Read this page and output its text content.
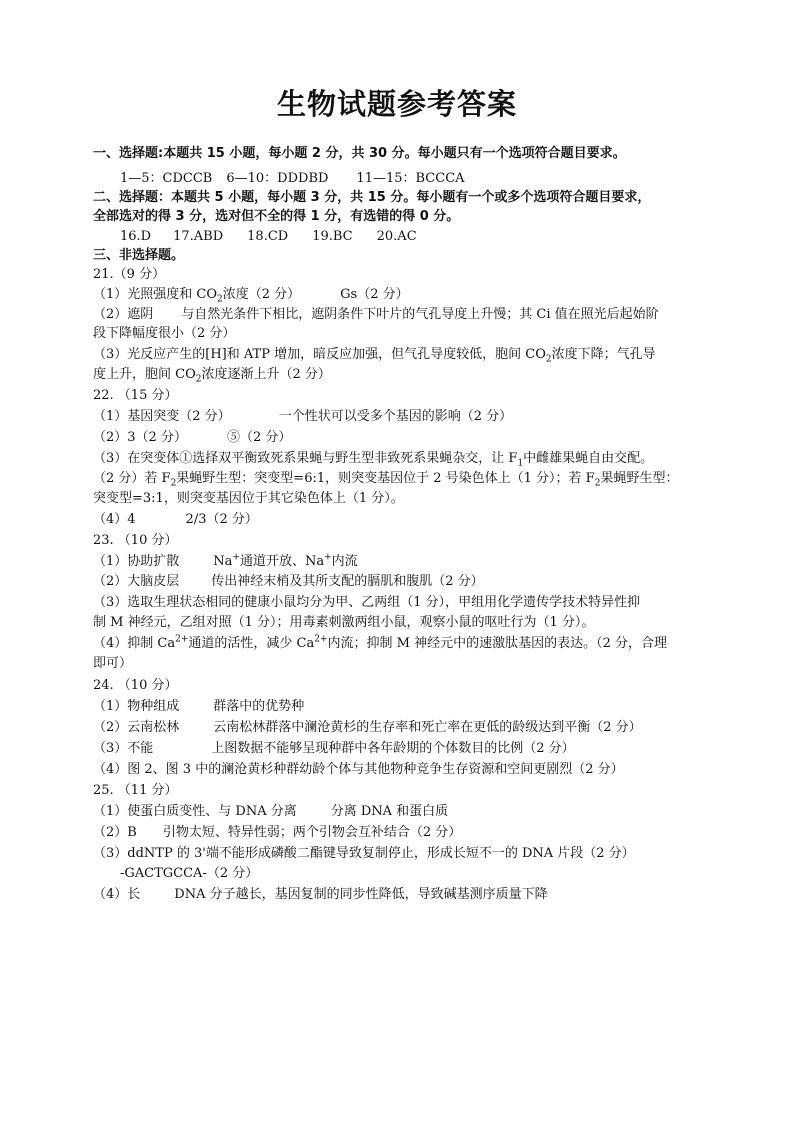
生物试题参考答案
一、选择题:本题共 15 小题，每小题 2 分，共 30 分。每小题只有一个选项符合题目要求。
1—5：CDCCB 6—10：DDDBD 11—15：BCCCA
二、选择题：本题共 5 小题，每小题 3 分，共 15 分。每小题有一个或多个选项符合题目要求，
全部选对的得 3 分，选对但不全的得 1 分，有选错的得 0 分。
16.D 17.ABD 18.CD 19.BC 20.AC
三、非选择题。
21.（9 分）
（1）光照强度和 $CO_2$浓度（2 分）	Gs（2 分）
（2）遮阴 与自然光条件下相比，遮阴条件下叶片的气孔导度上升慢；其 Ci 值在照光后起始阶
段下降幅度很小（2 分）
（3）光反应产生的[H]和 ATP 增加，暗反应加强，但气孔导度较低，胞间 $CO_2$浓度下降；气孔导
度上升，胞间 $CO_2$浓度逐渐上升（2 分）
22. （15 分）
（1）基因突变（2 分）	一个性状可以受多个基因的影响（2 分）
（2）3（2 分）	⑤（2 分）
（3）在突变体①选择双平衡致死系果蝇与野生型非致死系果蝇杂交，让 $F_1$中雌雄果蝇自由交配。
（2 分）若 $F_2$果蝇野生型：突变型=6:1，则突变基因位于 2 号染色体上（1 分）；若 $F_2$果蝇野生型：
突变型=3:1，则突变基因位于其它染色体上（1 分）。
（4）4	2/3（2 分）
23. （10 分）
（1）协助扩散	Na+通道开放、Na+内流
（2）大脑皮层 传出神经末梢及其所支配的膈肌和腹肌（2 分）
（3）选取生理状态相同的健康小鼠均分为甲、乙两组（1 分），甲组用化学遗传学技术特异性抑
制 M 神经元，乙组对照（1 分）；用毒素刺激两组小鼠，观察小鼠的呕吐行为（1 分）。
（4）抑制 $Ca^{2+}$通道的活性，减少 $Ca^{2+}$内流；抑制 M 神经元中的速激肽基因的表达。（2 分，合理
即可）
24. （10 分）
（1）物种组成	群落中的优势种
（2）云南松林	云南松林群落中澜沧黄杉的生存率和死亡率在更低的龄级达到平衡（2 分）
（3）不能	上图数据不能够呈现种群中各年龄期的个体数目的比例（2 分）
（4）图 2、图 3 中的澜沧黄杉种群幼龄个体与其他物种竞争生存资源和空间更剧烈（2 分）
25. （11 分）
（1）使蛋白质变性、与 DNA 分离	分离 DNA 和蛋白质
（2）B 引物太短、特异性弱；两个引物会互补结合（2 分）
（3）ddNTP 的 3'端不能形成磷酸二酯键导致复制停止，形成长短不一的 DNA 片段（2 分）
-GACTGCCA-（2 分）
（4）长	DNA 分子越长，基因复制的同步性降低，导致碱基测序质量下降
